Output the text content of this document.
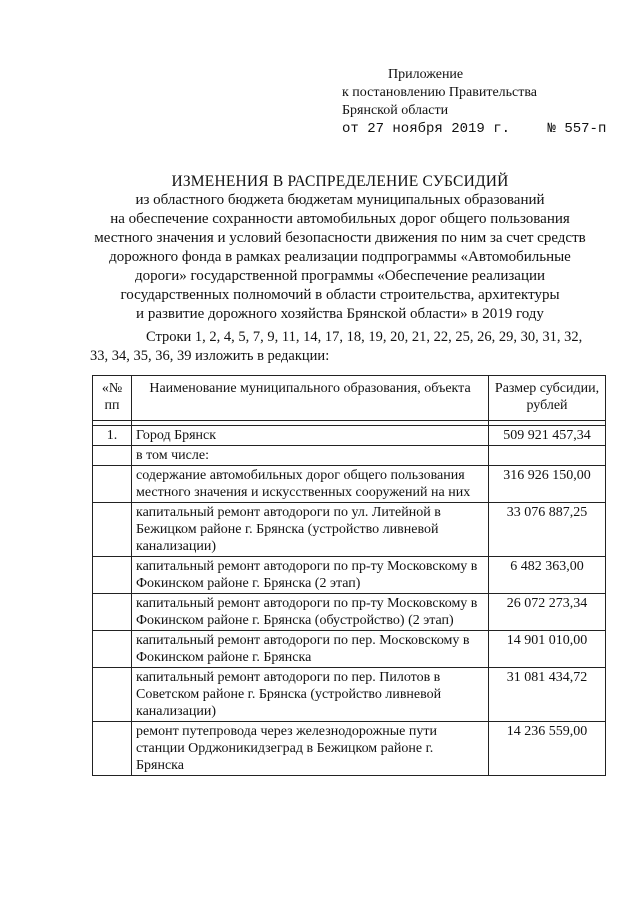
Приложение
к постановлению Правительства
Брянской области
от 27 ноября 2019 г.	№ 557-п
ИЗМЕНЕНИЯ В РАСПРЕДЕЛЕНИЕ СУБСИДИЙ
из областного бюджета бюджетам муниципальных образований
на обеспечение сохранности автомобильных дорог общего пользования
местного значения и условий безопасности движения по ним за счет средств
дорожного фонда в рамках реализации подпрограммы «Автомобильные
дороги» государственной программы «Обеспечение реализации
государственных полномочий в области строительства, архитектуры
и развитие дорожного хозяйства Брянской области» в 2019 году
Строки 1, 2, 4, 5, 7, 9, 11, 14, 17, 18, 19, 20, 21, 22, 25, 26, 29, 30, 31, 32,
33, 34, 35, 36, 39 изложить в редакции:
«№ пп	Наименование муниципального образования, объекта	Размер субсидии, рублей

1.	Город Брянск	509 921 457,34
	в том числе:	
	содержание автомобильных дорог общего пользования местного значения и искусственных сооружений на них	316 926 150,00
	капитальный ремонт автодороги по ул. Литейной в Бежицком районе г. Брянска (устройство ливневой канализации)	33 076 887,25
	капитальный ремонт автодороги по пр-ту Московскому в Фокинском районе г. Брянска (2 этап)	6 482 363,00
	капитальный ремонт автодороги по пр-ту Московскому в Фокинском районе г. Брянска (обустройство) (2 этап)	26 072 273,34
	капитальный ремонт автодороги по пер. Московскому в Фокинском районе г. Брянска	14 901 010,00
	капитальный ремонт автодороги по пер. Пилотов в Советском районе г. Брянска (устройство ливневой канализации)	31 081 434,72
	ремонт путепровода через железнодорожные пути станции Орджоникидзеград в Бежицком районе г. Брянска	14 236 559,00
